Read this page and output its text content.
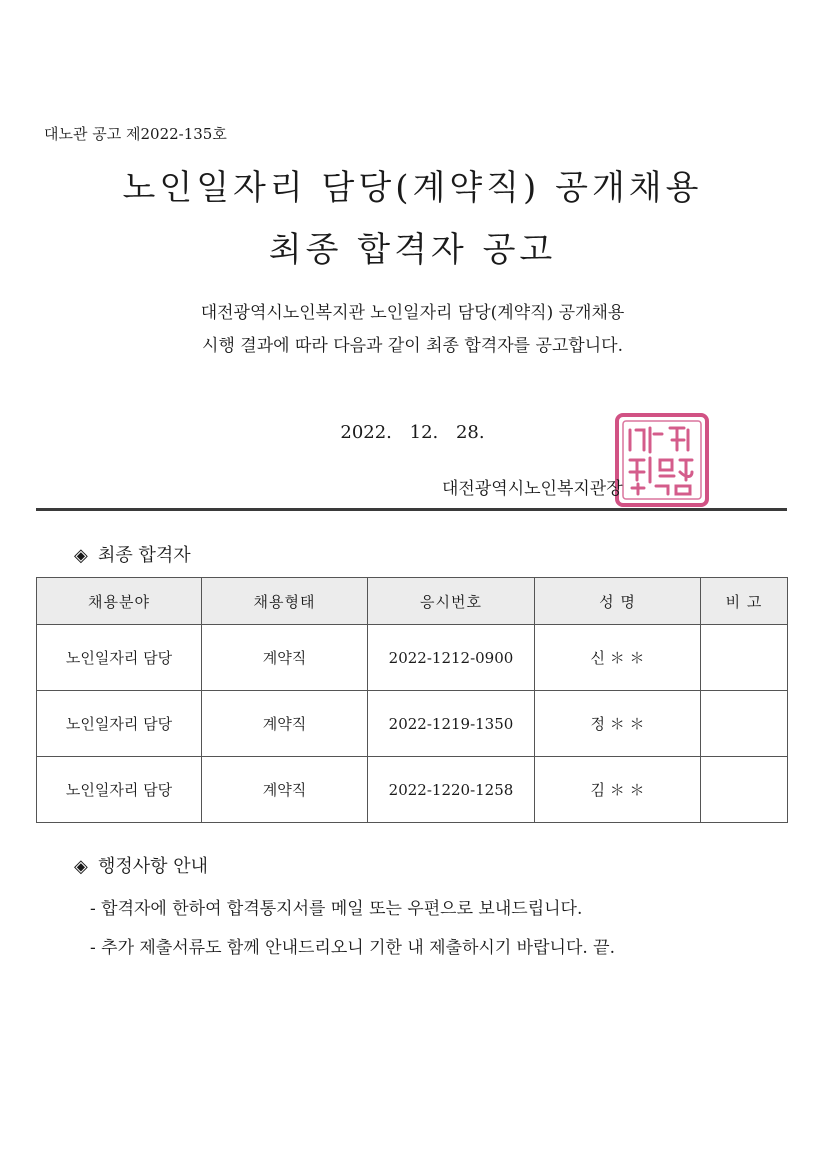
대노관 공고 제2022-135호
노인일자리 담당(계약직) 공개채용
최종 합격자 공고
대전광역시노인복지관 노인일자리 담당(계약직) 공개채용
시행 결과에 따라 다음과 같이 최종 합격자를 공고합니다.
2022. 12. 28.
대전광역시노인복지관장
◈ 최종 합격자
채용분야	채용형태	응시번호	성 명	비 고
노인일자리 담당	계약직	2022-1212-0900	신 ＊ ＊	
노인일자리 담당	계약직	2022-1219-1350	정 ＊ ＊	
노인일자리 담당	계약직	2022-1220-1258	김 ＊ ＊	
◈ 행정사항 안내
- 합격자에 한하여 합격통지서를 메일 또는 우편으로 보내드립니다.
- 추가 제출서류도 함께 안내드리오니 기한 내 제출하시기 바랍니다. 끝.
